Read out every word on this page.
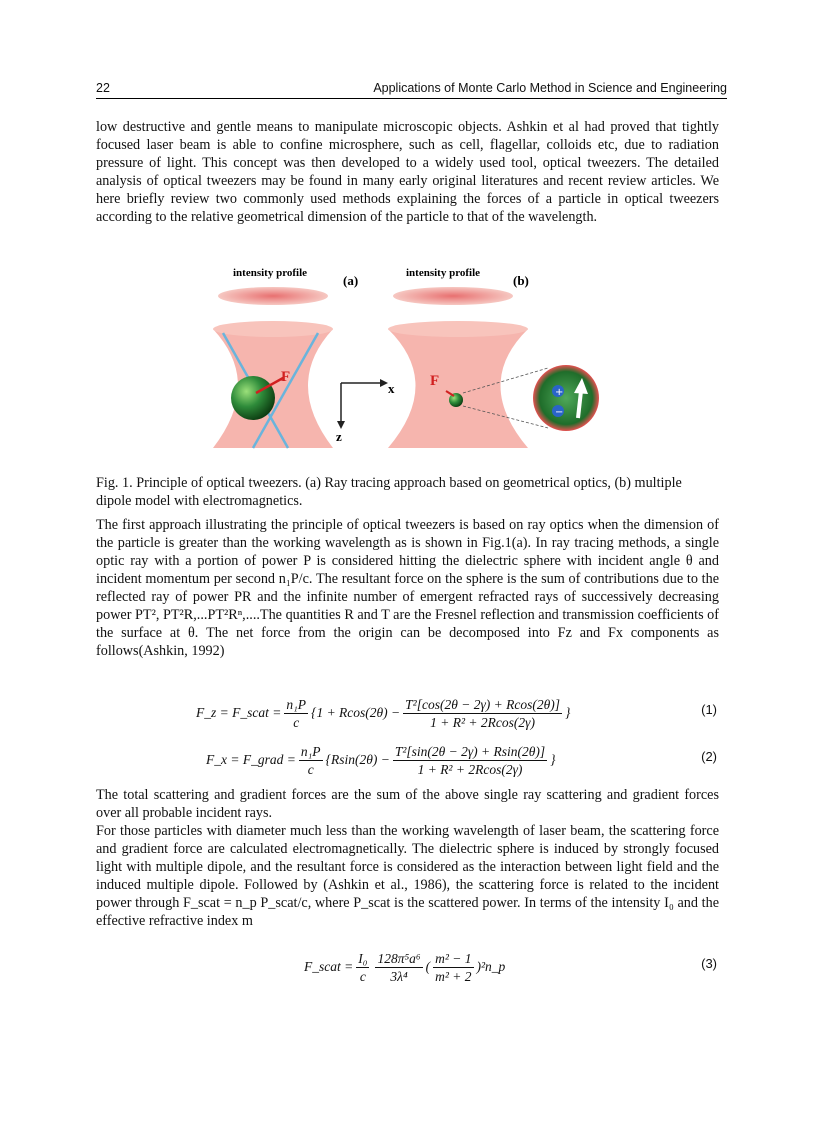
22	Applications of Monte Carlo Method in Science and Engineering

low destructive and gentle means to manipulate microscopic objects. Ashkin et al had proved that tightly focused laser beam is able to confine microsphere, such as cell, flagellar, colloids etc, due to radiation pressure of light. This concept was then developed to a widely used tool, optical tweezers. The detailed analysis of optical tweezers may be found in many early original literatures and recent review articles. We here briefly review two commonly used methods explaining the forces of a particle in optical tweezers according to the relative geometrical dimension of the particle to that of the wavelength.

intensity profile	(a)
F
x
z
intensity profile	(b)
F
+
−

Fig. 1. Principle of optical tweezers. (a) Ray tracing approach based on geometrical optics, (b) multiple dipole model with electromagnetics.

The first approach illustrating the principle of optical tweezers is based on ray optics when the dimension of the particle is greater than the working wavelength as is shown in Fig.1(a). In ray tracing methods, a single optic ray with a portion of power P is considered hitting the dielectric sphere with incident angle θ and incident momentum per second n₁P/c. The resultant force on the sphere is the sum of contributions due to the reflected ray of power PR and the infinite number of emergent refracted rays of successively decreasing power PT², PT²R,...PT²Rⁿ,....The quantities R and T are the Fresnel reflection and transmission coefficients of the surface at θ. The net force from the origin can be decomposed into Fz and Fx components as follows(Ashkin, 1992)

F_z = F_scat = $\frac{\text{n₁P}}{c} \{1 + Rcos(2\theta) - \frac{\text{T²[cos(2θ − 2γ) + Rcos(2θ)]}}{\text{1 + R² + 2Rcos(2γ)}}$ }	(1)
F_x = F_grad = $\frac{\text{n₁P}}{c} \{Rsin(2\theta) - \frac{\text{T²[sin(2θ − 2γ) + Rsin(2θ)]}}{\text{1 + R² + 2Rcos(2γ)}}$ }	(2)

The total scattering and gradient forces are the sum of the above single ray scattering and gradient forces over all probable incident rays.

For those particles with diameter much less than the working wavelength of laser beam, the scattering force and gradient force are calculated electromagnetically. The dielectric sphere is induced by strongly focused light with multiple dipole, and the resultant force is considered as the interaction between light field and the induced multiple dipole. Followed by (Ashkin et al., 1986), the scattering force is related to the incident power through F_scat = n_p P_scat/c, where P_scat is the scattered power. In terms of the intensity I₀ and the effective refractive index m

F_scat = $\frac{\text{I₀}}{c} \frac{\text{128π⁵a⁶}}{\text{3λ⁴}}$ ( $\frac{\text{m² − 1}}{\text{m² + 2}}$ )²n_p	(3)
